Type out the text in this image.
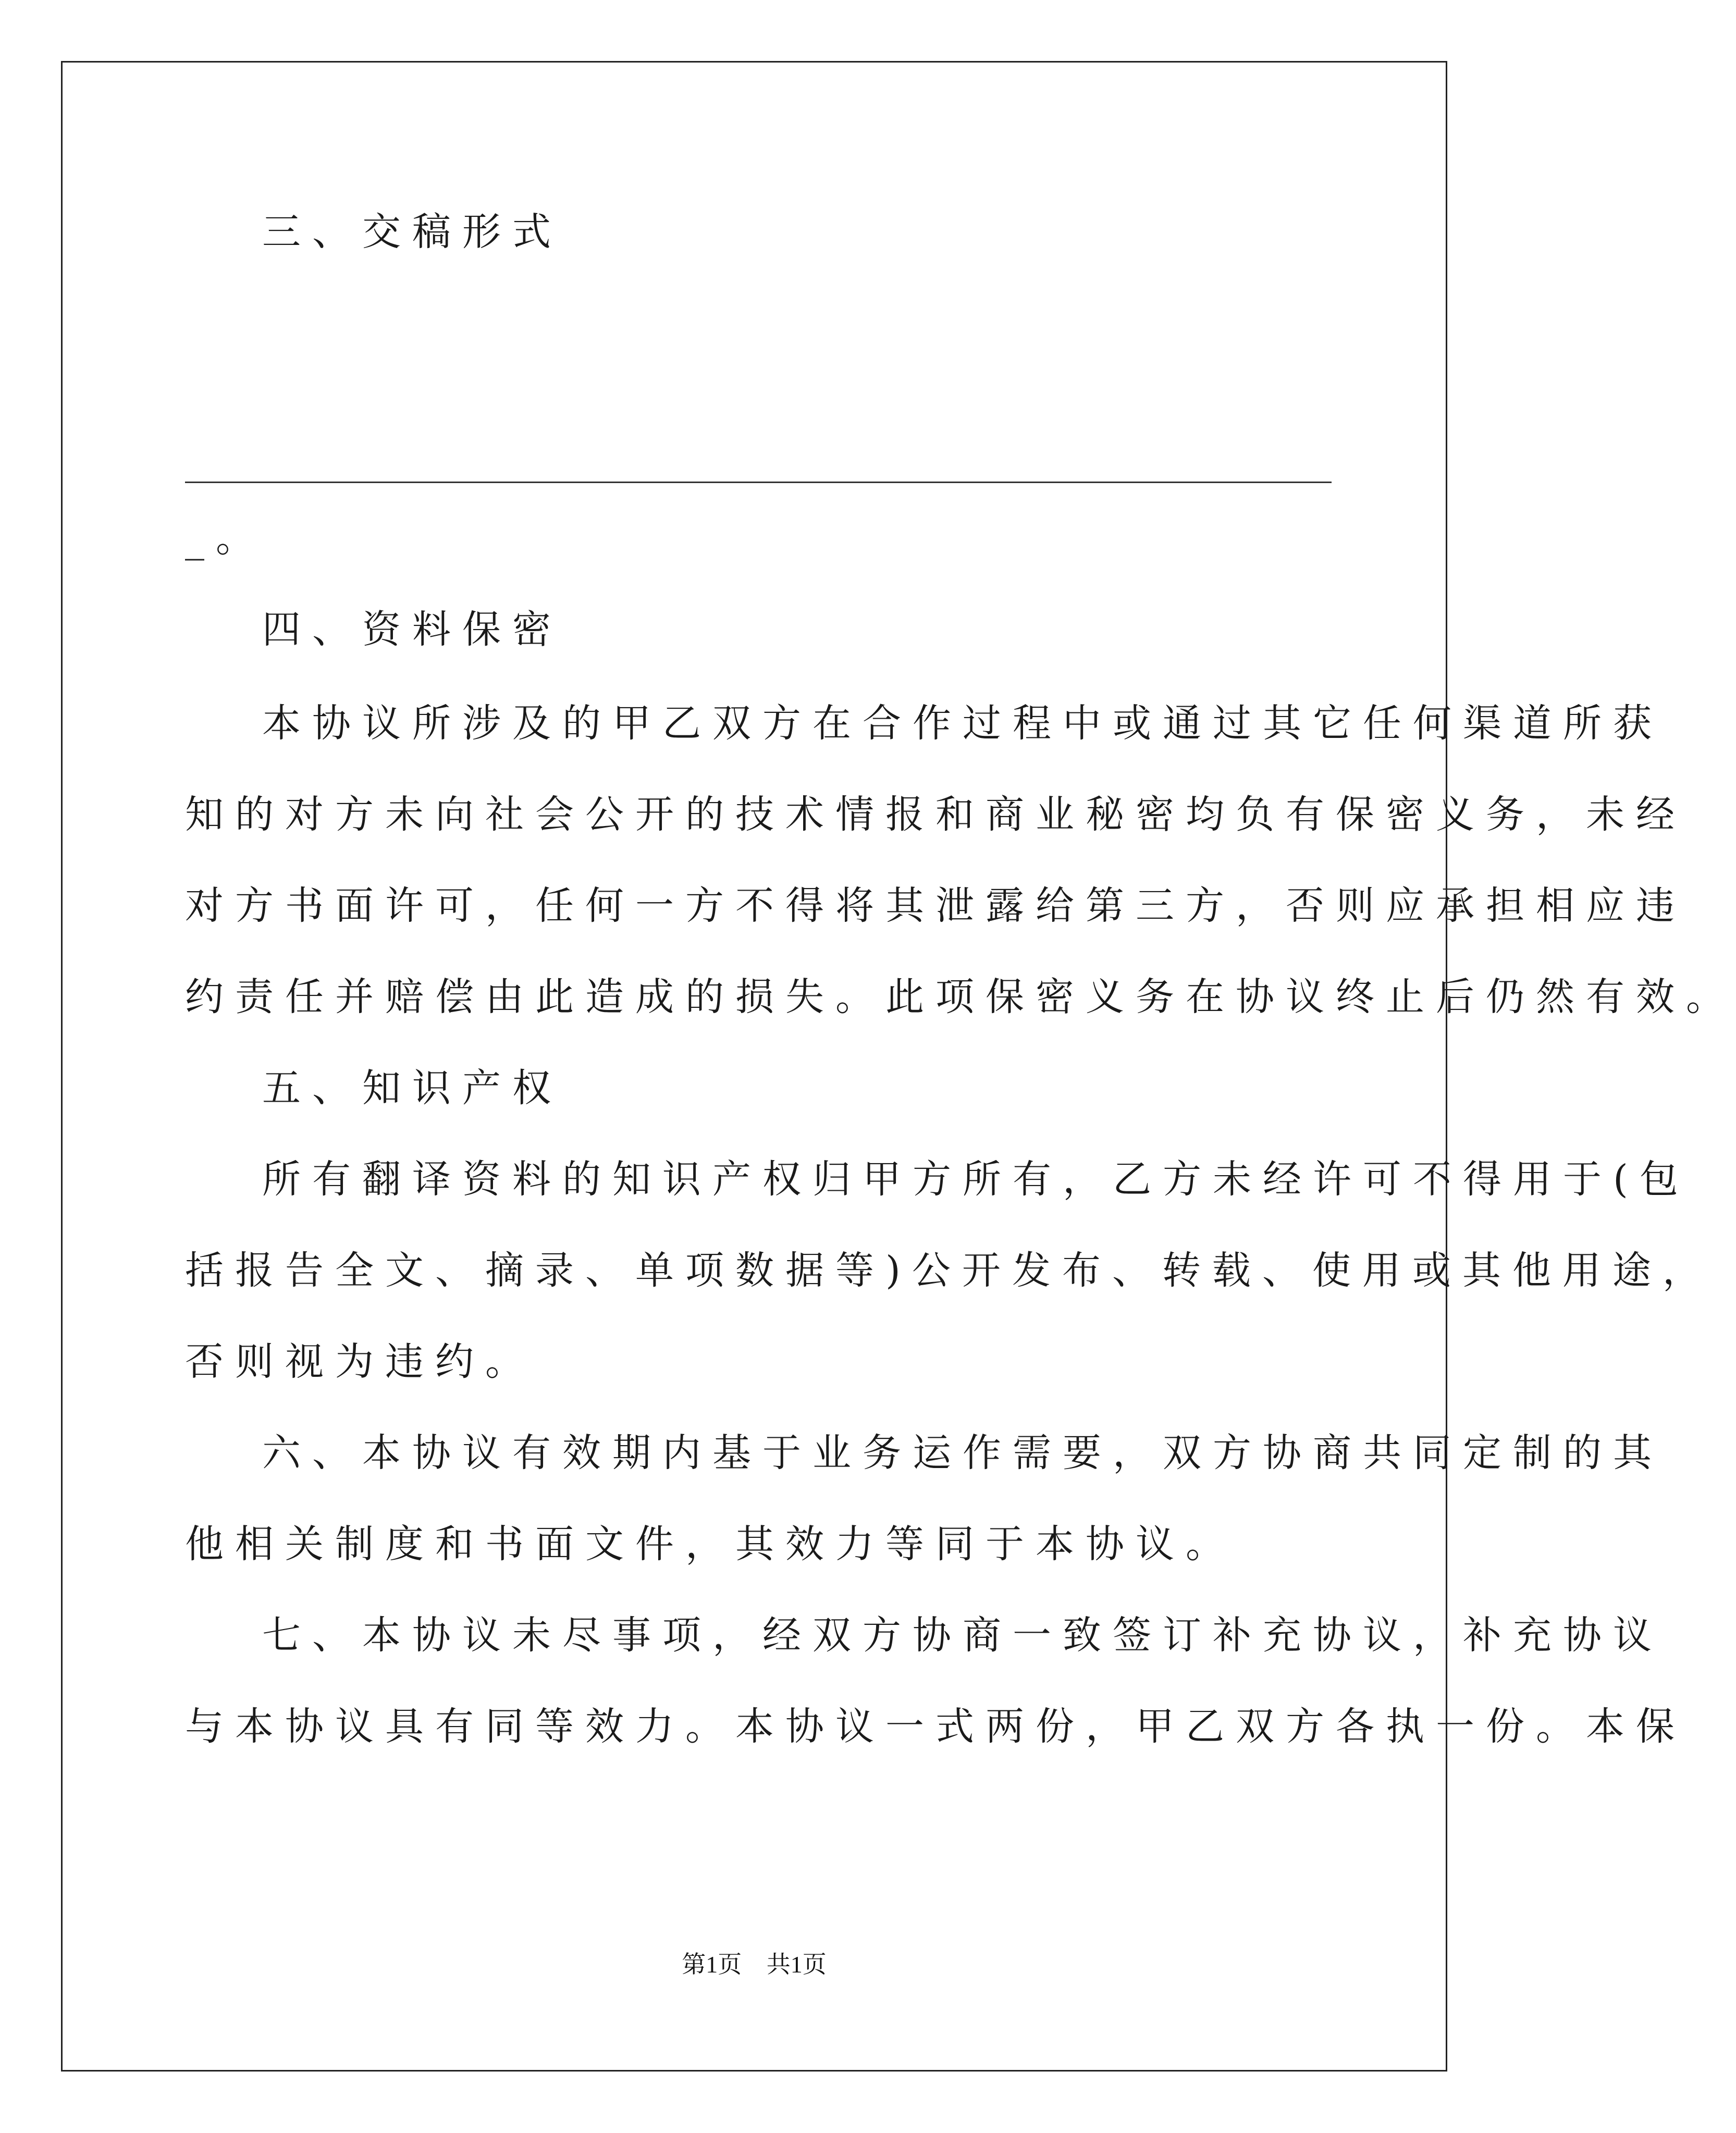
三、交稿形式
_。
四、资料保密
本协议所涉及的甲乙双方在合作过程中或通过其它任何渠道所获
知的对方未向社会公开的技术情报和商业秘密均负有保密义务，未经
对方书面许可，任何一方不得将其泄露给第三方，否则应承担相应违
约责任并赔偿由此造成的损失。此项保密义务在协议终止后仍然有效。
五、知识产权
所有翻译资料的知识产权归甲方所有，乙方未经许可不得用于(包
括报告全文、摘录、单项数据等)公开发布、转载、使用或其他用途，
否则视为违约。
六、本协议有效期内基于业务运作需要，双方协商共同定制的其
他相关制度和书面文件，其效力等同于本协议。
七、本协议未尽事项，经双方协商一致签订补充协议，补充协议
与本协议具有同等效力。本协议一式两份，甲乙双方各执一份。本保
第1页 共1页
